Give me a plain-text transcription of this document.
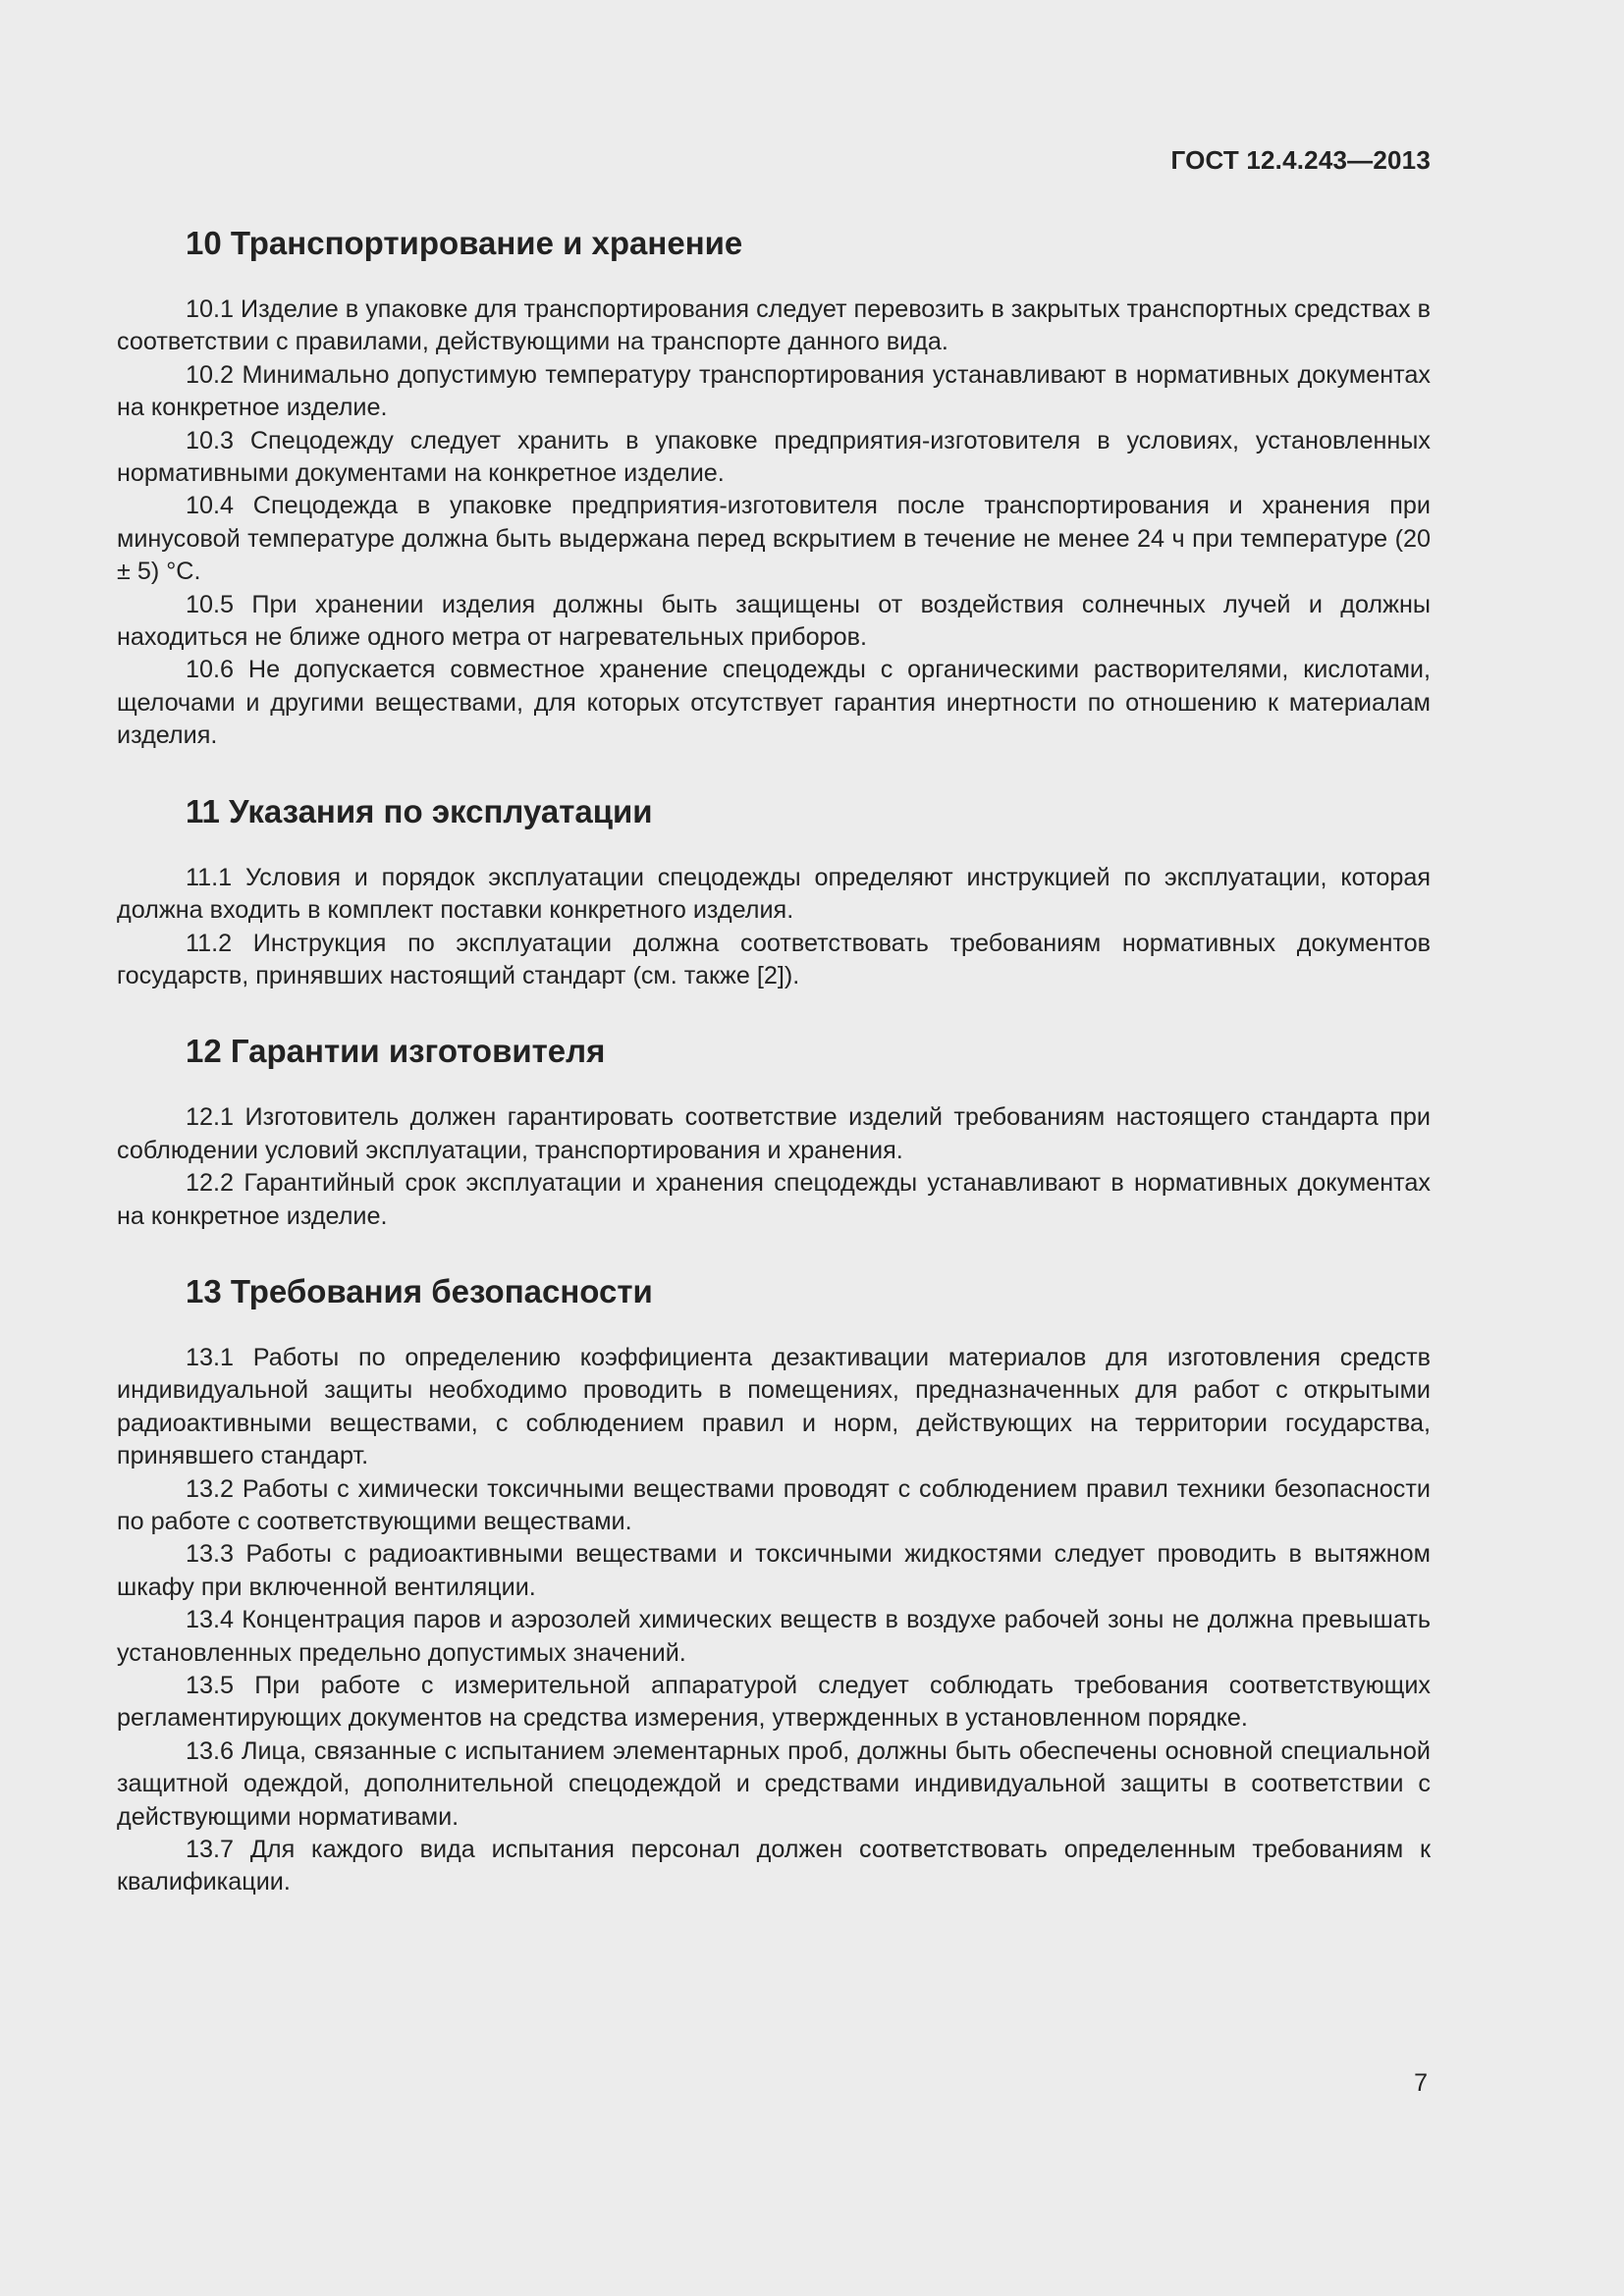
ГОСТ 12.4.243—2013
10 Транспортирование и хранение

10.1 Изделие в упаковке для транспортирования следует перевозить в закрытых транспортных средствах в соответствии с правилами, действующими на транспорте данного вида.

10.2 Минимально допустимую температуру транспортирования устанавливают в нормативных документах на конкретное изделие.

10.3 Спецодежду следует хранить в упаковке предприятия-изготовителя в условиях, установленных нормативными документами на конкретное изделие.

10.4 Спецодежда в упаковке предприятия-изготовителя после транспортирования и хранения при минусовой температуре должна быть выдержана перед вскрытием в течение не менее 24 ч при температуре (20 ± 5) °С.

10.5 При хранении изделия должны быть защищены от воздействия солнечных лучей и должны находиться не ближе одного метра от нагревательных приборов.

10.6 Не допускается совместное хранение спецодежды с органическими растворителями, кислотами, щелочами и другими веществами, для которых отсутствует гарантия инертности по отношению к материалам изделия.

11 Указания по эксплуатации

11.1 Условия и порядок эксплуатации спецодежды определяют инструкцией по эксплуатации, которая должна входить в комплект поставки конкретного изделия.

11.2 Инструкция по эксплуатации должна соответствовать требованиям нормативных документов государств, принявших настоящий стандарт (см. также [2]).

12 Гарантии изготовителя

12.1 Изготовитель должен гарантировать соответствие изделий требованиям настоящего стандарта при соблюдении условий эксплуатации, транспортирования и хранения.

12.2 Гарантийный срок эксплуатации и хранения спецодежды устанавливают в нормативных документах на конкретное изделие.

13 Требования безопасности

13.1 Работы по определению коэффициента дезактивации материалов для изготовления средств индивидуальной защиты необходимо проводить в помещениях, предназначенных для работ с открытыми радиоактивными веществами, с соблюдением правил и норм, действующих на территории государства, принявшего стандарт.

13.2 Работы с химически токсичными веществами проводят с соблюдением правил техники безопасности по работе с соответствующими веществами.

13.3 Работы с радиоактивными веществами и токсичными жидкостями следует проводить в вытяжном шкафу при включенной вентиляции.

13.4 Концентрация паров и аэрозолей химических веществ в воздухе рабочей зоны не должна превышать установленных предельно допустимых значений.

13.5 При работе с измерительной аппаратурой следует соблюдать требования соответствующих регламентирующих документов на средства измерения, утвержденных в установленном порядке.

13.6 Лица, связанные с испытанием элементарных проб, должны быть обеспечены основной специальной защитной одеждой, дополнительной спецодеждой и средствами индивидуальной защиты в соответствии с действующими нормативами.

13.7 Для каждого вида испытания персонал должен соответствовать определенным требованиям к квалификации.

7
